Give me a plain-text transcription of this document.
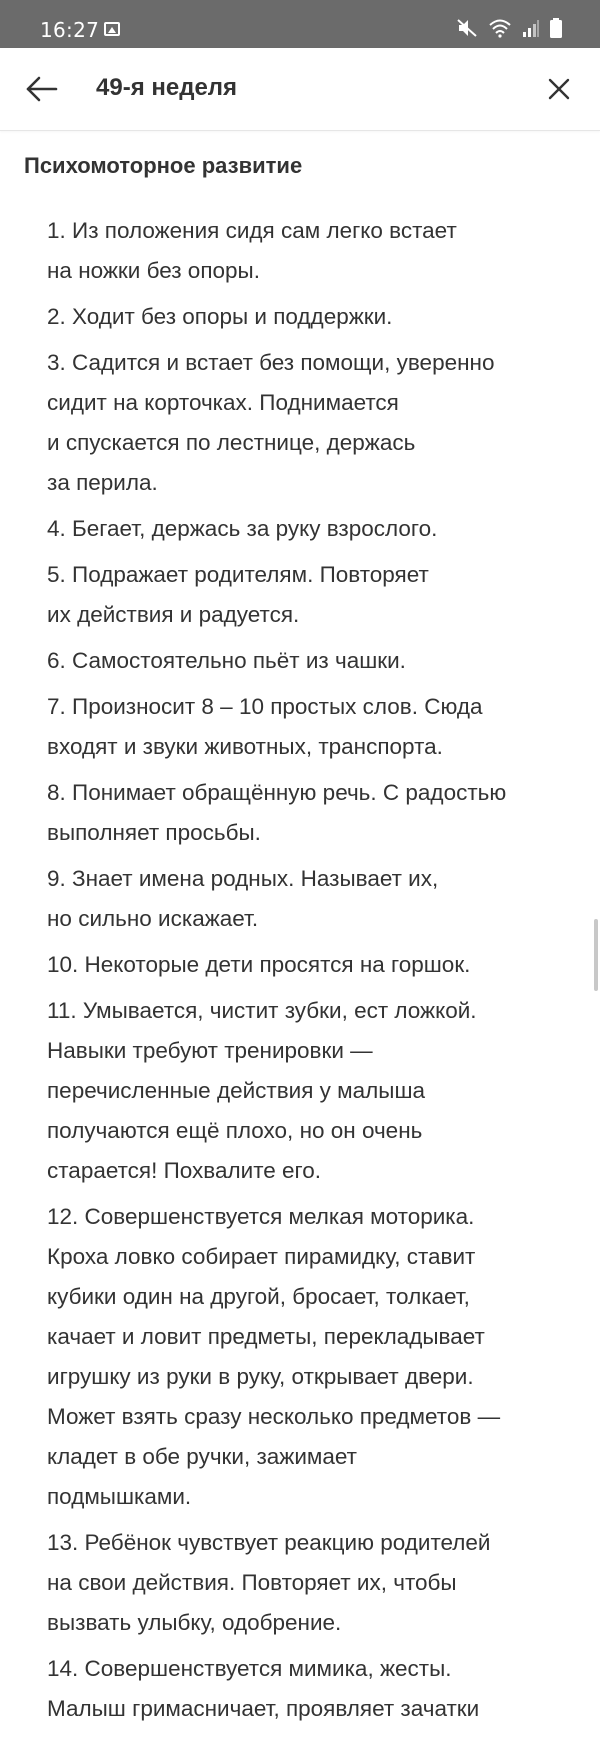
16:27
49-я неделя
Психомоторное развитие
1. Из положения сидя сам легко встает
на ножки без опоры.
2. Ходит без опоры и поддержки.
3. Садится и встает без помощи, уверенно
сидит на корточках. Поднимается
и спускается по лестнице, держась
за перила.
4. Бегает, держась за руку взрослого.
5. Подражает родителям. Повторяет
их действия и радуется.
6. Самостоятельно пьёт из чашки.
7. Произносит 8 – 10 простых слов. Сюда
входят и звуки животных, транспорта.
8. Понимает обращённую речь. С радостью
выполняет просьбы.
9. Знает имена родных. Называет их,
но сильно искажает.
10. Некоторые дети просятся на горшок.
11. Умывается, чистит зубки, ест ложкой.
Навыки требуют тренировки —
перечисленные действия у малыша
получаются ещё плохо, но он очень
старается! Похвалите его.
12. Совершенствуется мелкая моторика.
Кроха ловко собирает пирамидку, ставит
кубики один на другой, бросает, толкает,
качает и ловит предметы, перекладывает
игрушку из руки в руку, открывает двери.
Может взять сразу несколько предметов —
кладет в обе ручки, зажимает
подмышками.
13. Ребёнок чувствует реакцию родителей
на свои действия. Повторяет их, чтобы
вызвать улыбку, одобрение.
14. Совершенствуется мимика, жесты.
Малыш гримасничает, проявляет зачатки
